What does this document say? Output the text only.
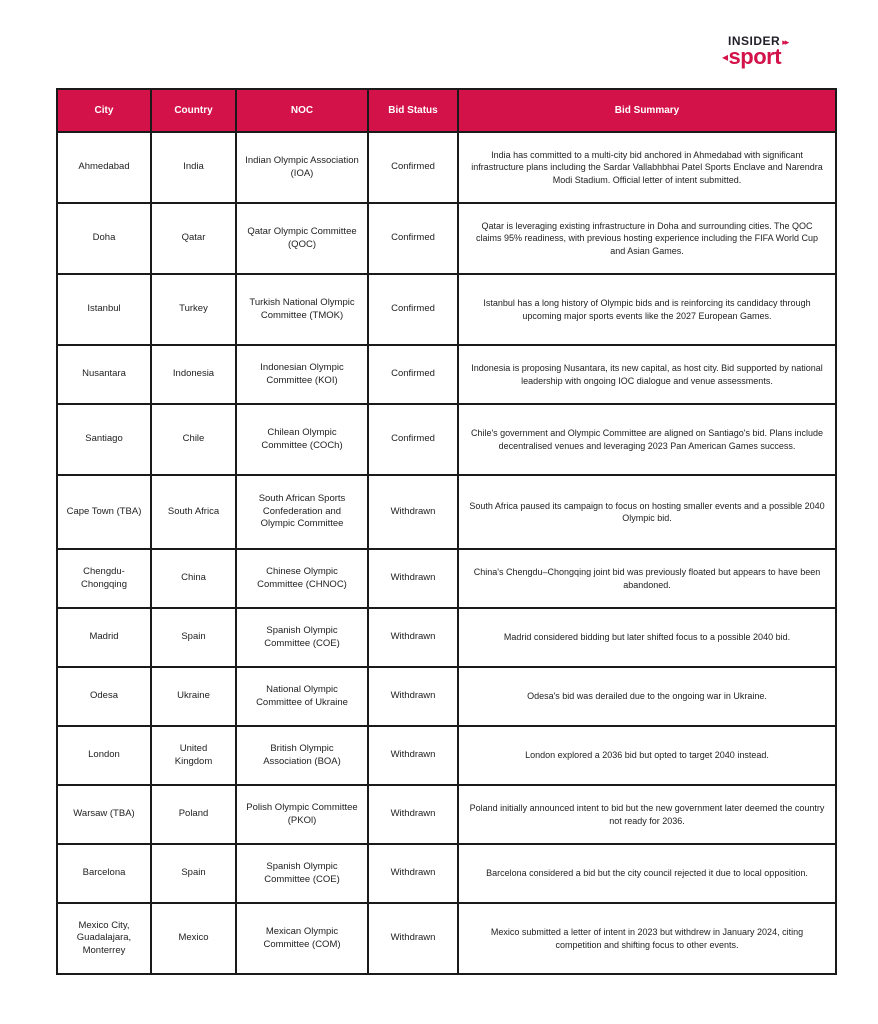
INSIDER ▸▸
◂sport
City	Country	NOC	Bid Status	Bid Summary
Ahmedabad	India	Indian Olympic Association (IOA)	Confirmed	India has committed to a multi-city bid anchored in Ahmedabad with significant infrastructure plans including the Sardar Vallabhbhai Patel Sports Enclave and Narendra Modi Stadium. Official letter of intent submitted.
Doha	Qatar	Qatar Olympic Committee (QOC)	Confirmed	Qatar is leveraging existing infrastructure in Doha and surrounding cities. The QOC claims 95% readiness, with previous hosting experience including the FIFA World Cup and Asian Games.
Istanbul	Turkey	Turkish National Olympic Committee (TMOK)	Confirmed	Istanbul has a long history of Olympic bids and is reinforcing its candidacy through upcoming major sports events like the 2027 European Games.
Nusantara	Indonesia	Indonesian Olympic Committee (KOI)	Confirmed	Indonesia is proposing Nusantara, its new capital, as host city. Bid supported by national leadership with ongoing IOC dialogue and venue assessments.
Santiago	Chile	Chilean Olympic Committee (COCh)	Confirmed	Chile's government and Olympic Committee are aligned on Santiago's bid. Plans include decentralised venues and leveraging 2023 Pan American Games success.
Cape Town (TBA)	South Africa	South African Sports Confederation and Olympic Committee	Withdrawn	South Africa paused its campaign to focus on hosting smaller events and a possible 2040 Olympic bid.
Chengdu-Chongqing	China	Chinese Olympic Committee (CHNOC)	Withdrawn	China's Chengdu–Chongqing joint bid was previously floated but appears to have been abandoned.
Madrid	Spain	Spanish Olympic Committee (COE)	Withdrawn	Madrid considered bidding but later shifted focus to a possible 2040 bid.
Odesa	Ukraine	National Olympic Committee of Ukraine	Withdrawn	Odesa's bid was derailed due to the ongoing war in Ukraine.
London	United Kingdom	British Olympic Association (BOA)	Withdrawn	London explored a 2036 bid but opted to target 2040 instead.
Warsaw (TBA)	Poland	Polish Olympic Committee (PKOl)	Withdrawn	Poland initially announced intent to bid but the new government later deemed the country not ready for 2036.
Barcelona	Spain	Spanish Olympic Committee (COE)	Withdrawn	Barcelona considered a bid but the city council rejected it due to local opposition.
Mexico City, Guadalajara, Monterrey	Mexico	Mexican Olympic Committee (COM)	Withdrawn	Mexico submitted a letter of intent in 2023 but withdrew in January 2024, citing competition and shifting focus to other events.
